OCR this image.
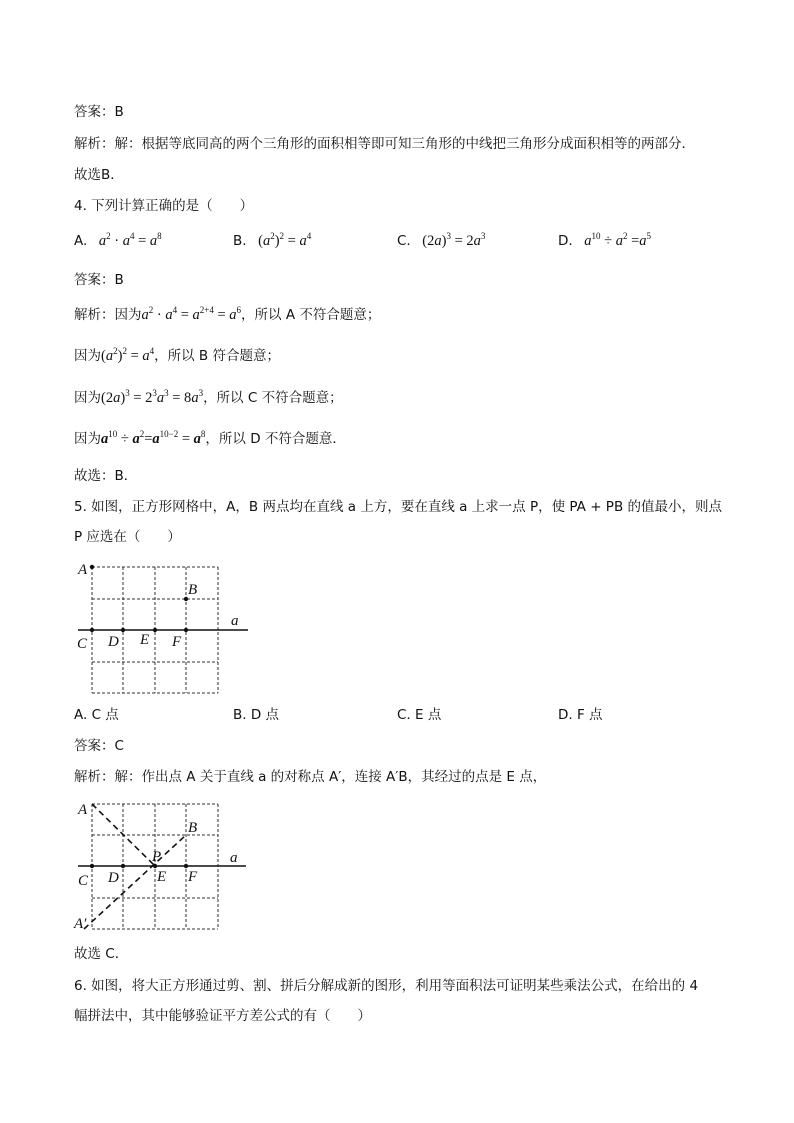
答案：B
解析：解：根据等底同高的两个三角形的面积相等即可知三角形的中线把三角形分成面积相等的两部分．
故选B．
4. 下列计算正确的是（　　）
A. $a^2 \cdot a^4 = a^8$	B.   $(a^2)^2 = a^4$	C.   $(2a)^3 = 2a^3$	D. $a^{10} \div a^2 =a^5$
答案：B
解析：因为$a^2 \cdot a^4 = a^{2+4} = a^6$，所以 A 不符合题意；
因为$(a^2)^2 = a^4$，所以 B 符合题意；
因为$(2a)^3 = 2^3a^3 = 8a^3$，所以 C 不符合题意；
因为$a^{10} \div a^2=a^{10-2} = a^8$，所以 D 不符合题意．
故选：B．
5. 如图，正方形网格中，A，B 两点均在直线 a 上方，要在直线 a 上求一点 P，使 PA + PB 的值最小，则点
P 应选在（　　）
A
B
C D E F
a
A. C 点	B. D 点	C. E 点	D. F 点
答案：C
解析：解：作出点 A 关于直线 a 的对称点 A′，连接 A′B，其经过的点是 E 点，
A
B
C D
P
E F
a
A′
故选 C．
6. 如图，将大正方形通过剪、割、拼后分解成新的图形，利用等面积法可证明某些乘法公式，在给出的 4
幅拼法中，其中能够验证平方差公式的有（　　）
